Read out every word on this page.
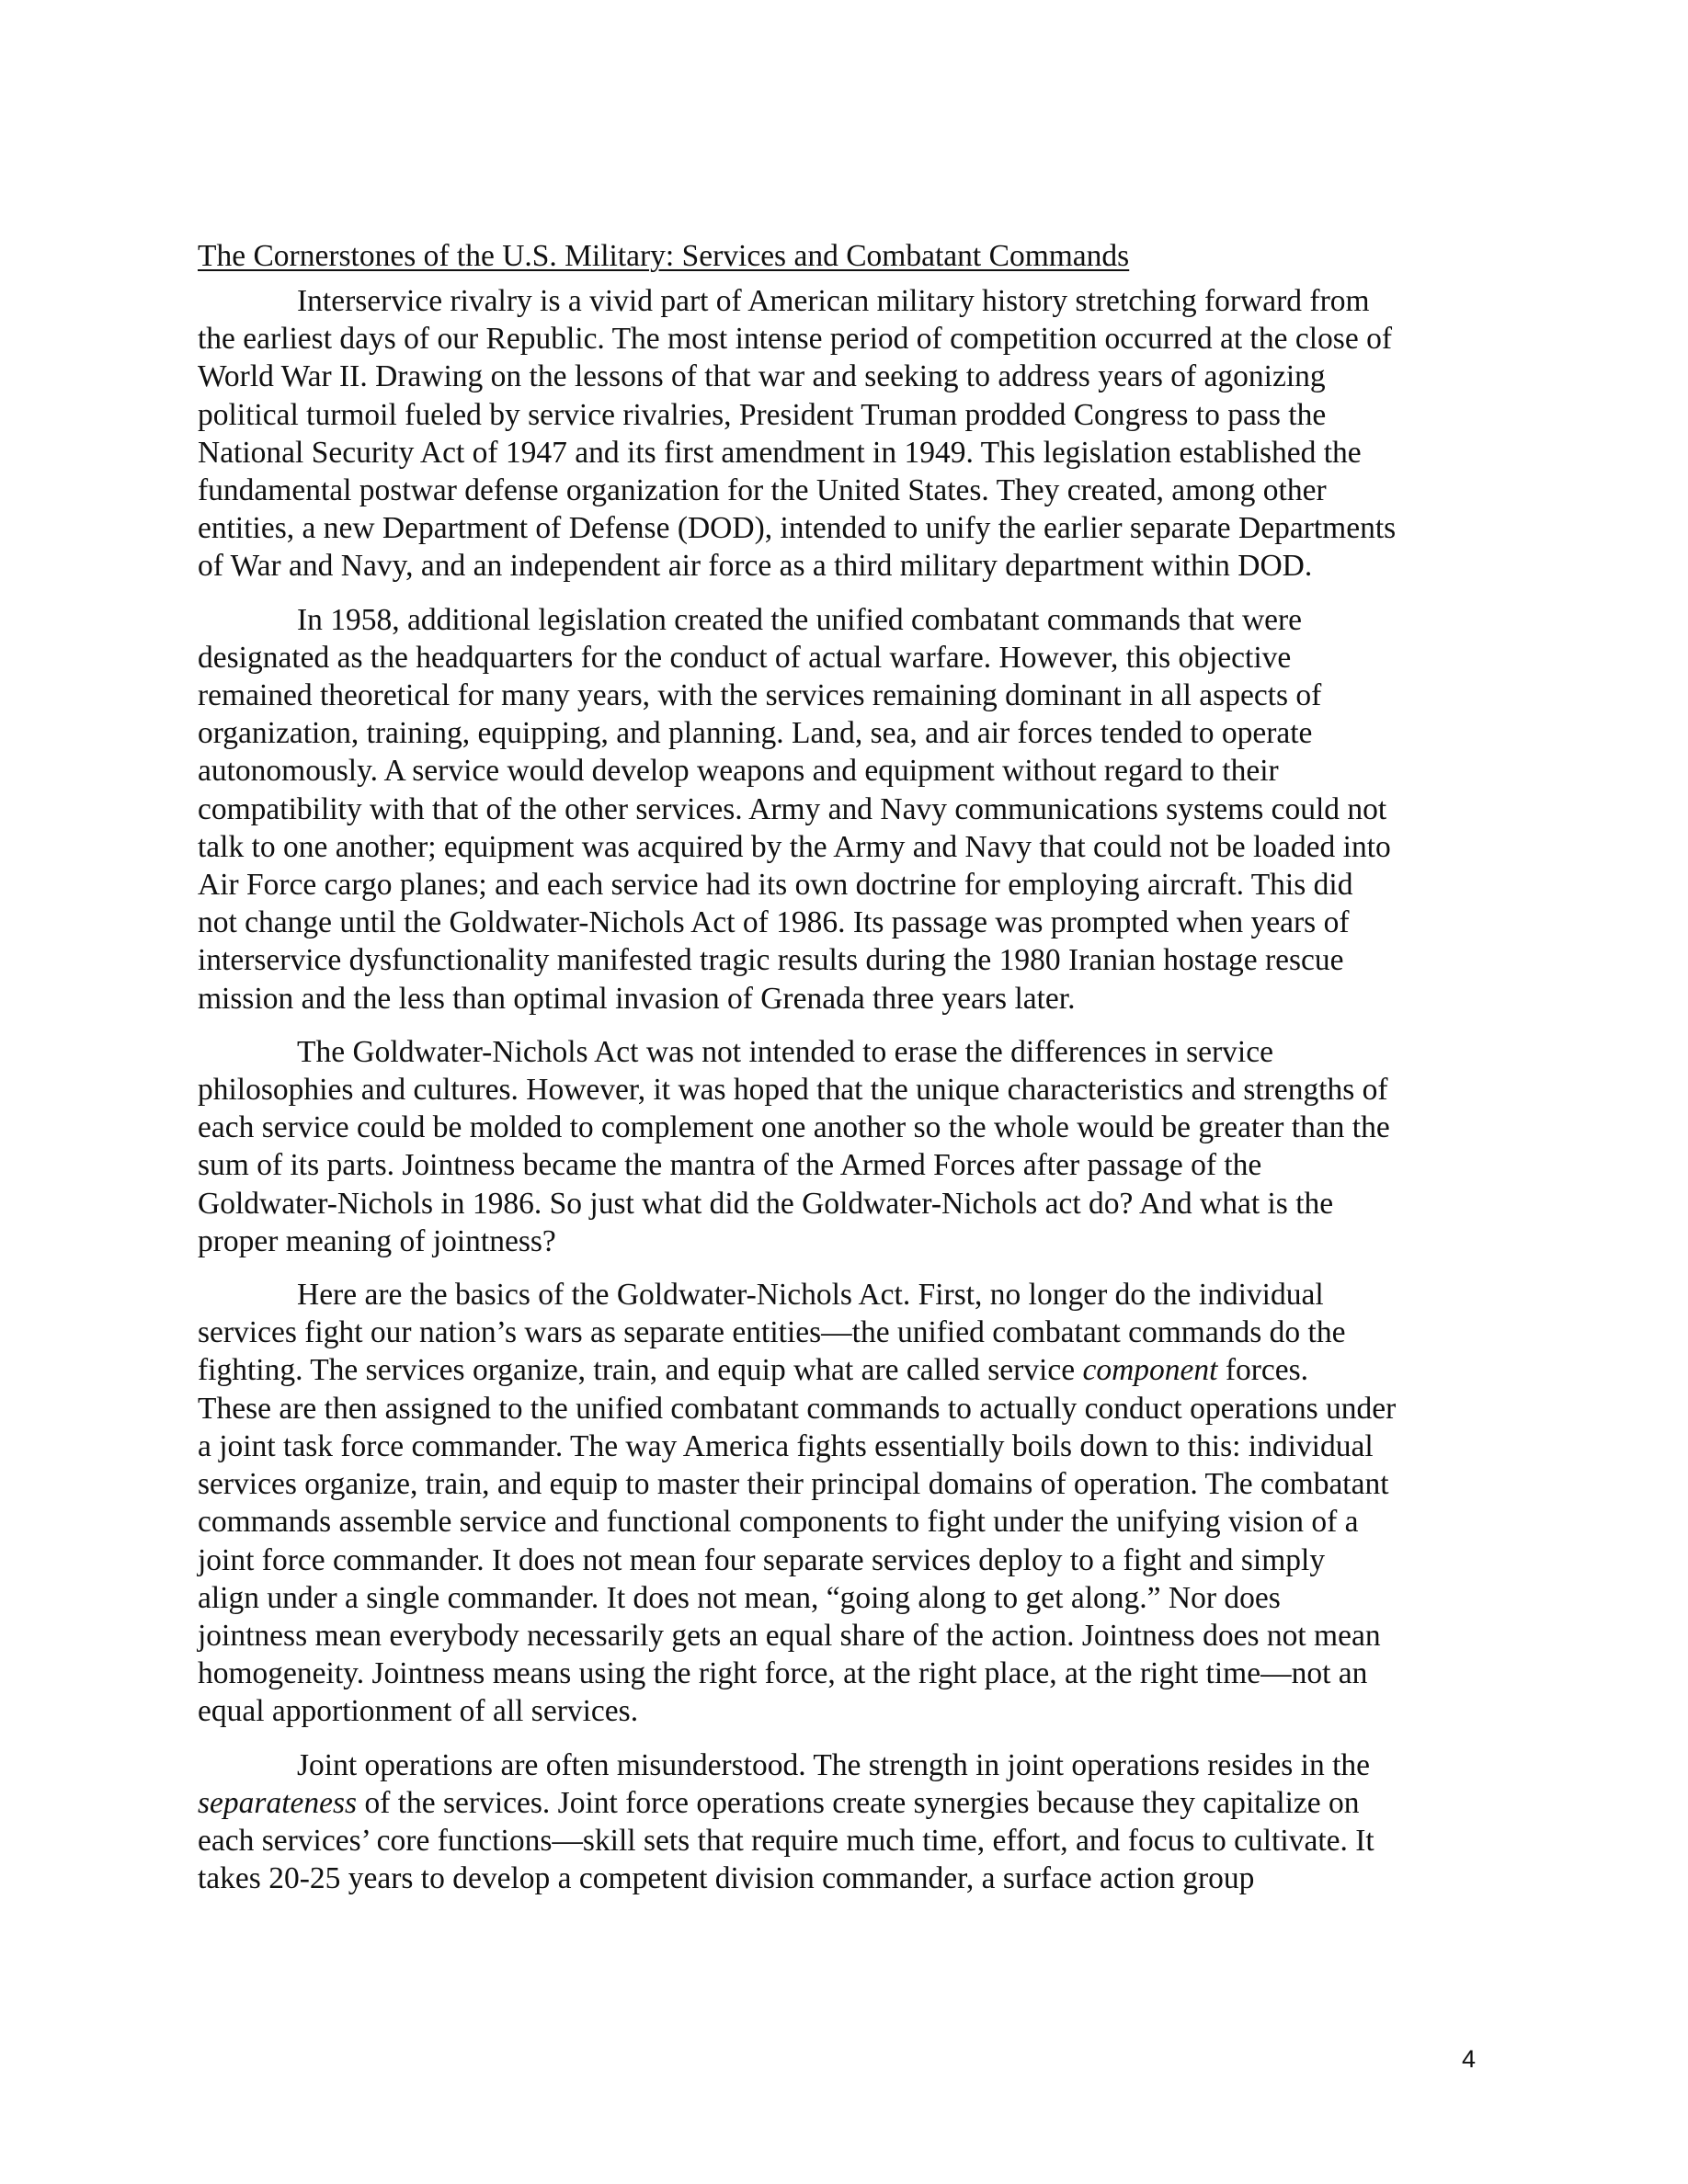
The Cornerstones of the U.S. Military: Services and Combatant Commands
Interservice rivalry is a vivid part of American military history stretching forward from
the earliest days of our Republic. The most intense period of competition occurred at the close of
World War II. Drawing on the lessons of that war and seeking to address years of agonizing
political turmoil fueled by service rivalries, President Truman prodded Congress to pass the
National Security Act of 1947 and its first amendment in 1949. This legislation established the
fundamental postwar defense organization for the United States. They created, among other
entities, a new Department of Defense (DOD), intended to unify the earlier separate Departments
of War and Navy, and an independent air force as a third military department within DOD.
In 1958, additional legislation created the unified combatant commands that were
designated as the headquarters for the conduct of actual warfare. However, this objective
remained theoretical for many years, with the services remaining dominant in all aspects of
organization, training, equipping, and planning. Land, sea, and air forces tended to operate
autonomously. A service would develop weapons and equipment without regard to their
compatibility with that of the other services. Army and Navy communications systems could not
talk to one another; equipment was acquired by the Army and Navy that could not be loaded into
Air Force cargo planes; and each service had its own doctrine for employing aircraft. This did
not change until the Goldwater-Nichols Act of 1986. Its passage was prompted when years of
interservice dysfunctionality manifested tragic results during the 1980 Iranian hostage rescue
mission and the less than optimal invasion of Grenada three years later.
The Goldwater-Nichols Act was not intended to erase the differences in service
philosophies and cultures. However, it was hoped that the unique characteristics and strengths of
each service could be molded to complement one another so the whole would be greater than the
sum of its parts. Jointness became the mantra of the Armed Forces after passage of the
Goldwater-Nichols in 1986. So just what did the Goldwater-Nichols act do? And what is the
proper meaning of jointness?
Here are the basics of the Goldwater-Nichols Act. First, no longer do the individual
services fight our nation’s wars as separate entities—the unified combatant commands do the
fighting. The services organize, train, and equip what are called service component forces.
These are then assigned to the unified combatant commands to actually conduct operations under
a joint task force commander. The way America fights essentially boils down to this: individual
services organize, train, and equip to master their principal domains of operation. The combatant
commands assemble service and functional components to fight under the unifying vision of a
joint force commander. It does not mean four separate services deploy to a fight and simply
align under a single commander. It does not mean, “going along to get along.” Nor does
jointness mean everybody necessarily gets an equal share of the action. Jointness does not mean
homogeneity. Jointness means using the right force, at the right place, at the right time—not an
equal apportionment of all services.
Joint operations are often misunderstood. The strength in joint operations resides in the
separateness of the services. Joint force operations create synergies because they capitalize on
each services’ core functions—skill sets that require much time, effort, and focus to cultivate. It
takes 20-25 years to develop a competent division commander, a surface action group
4
